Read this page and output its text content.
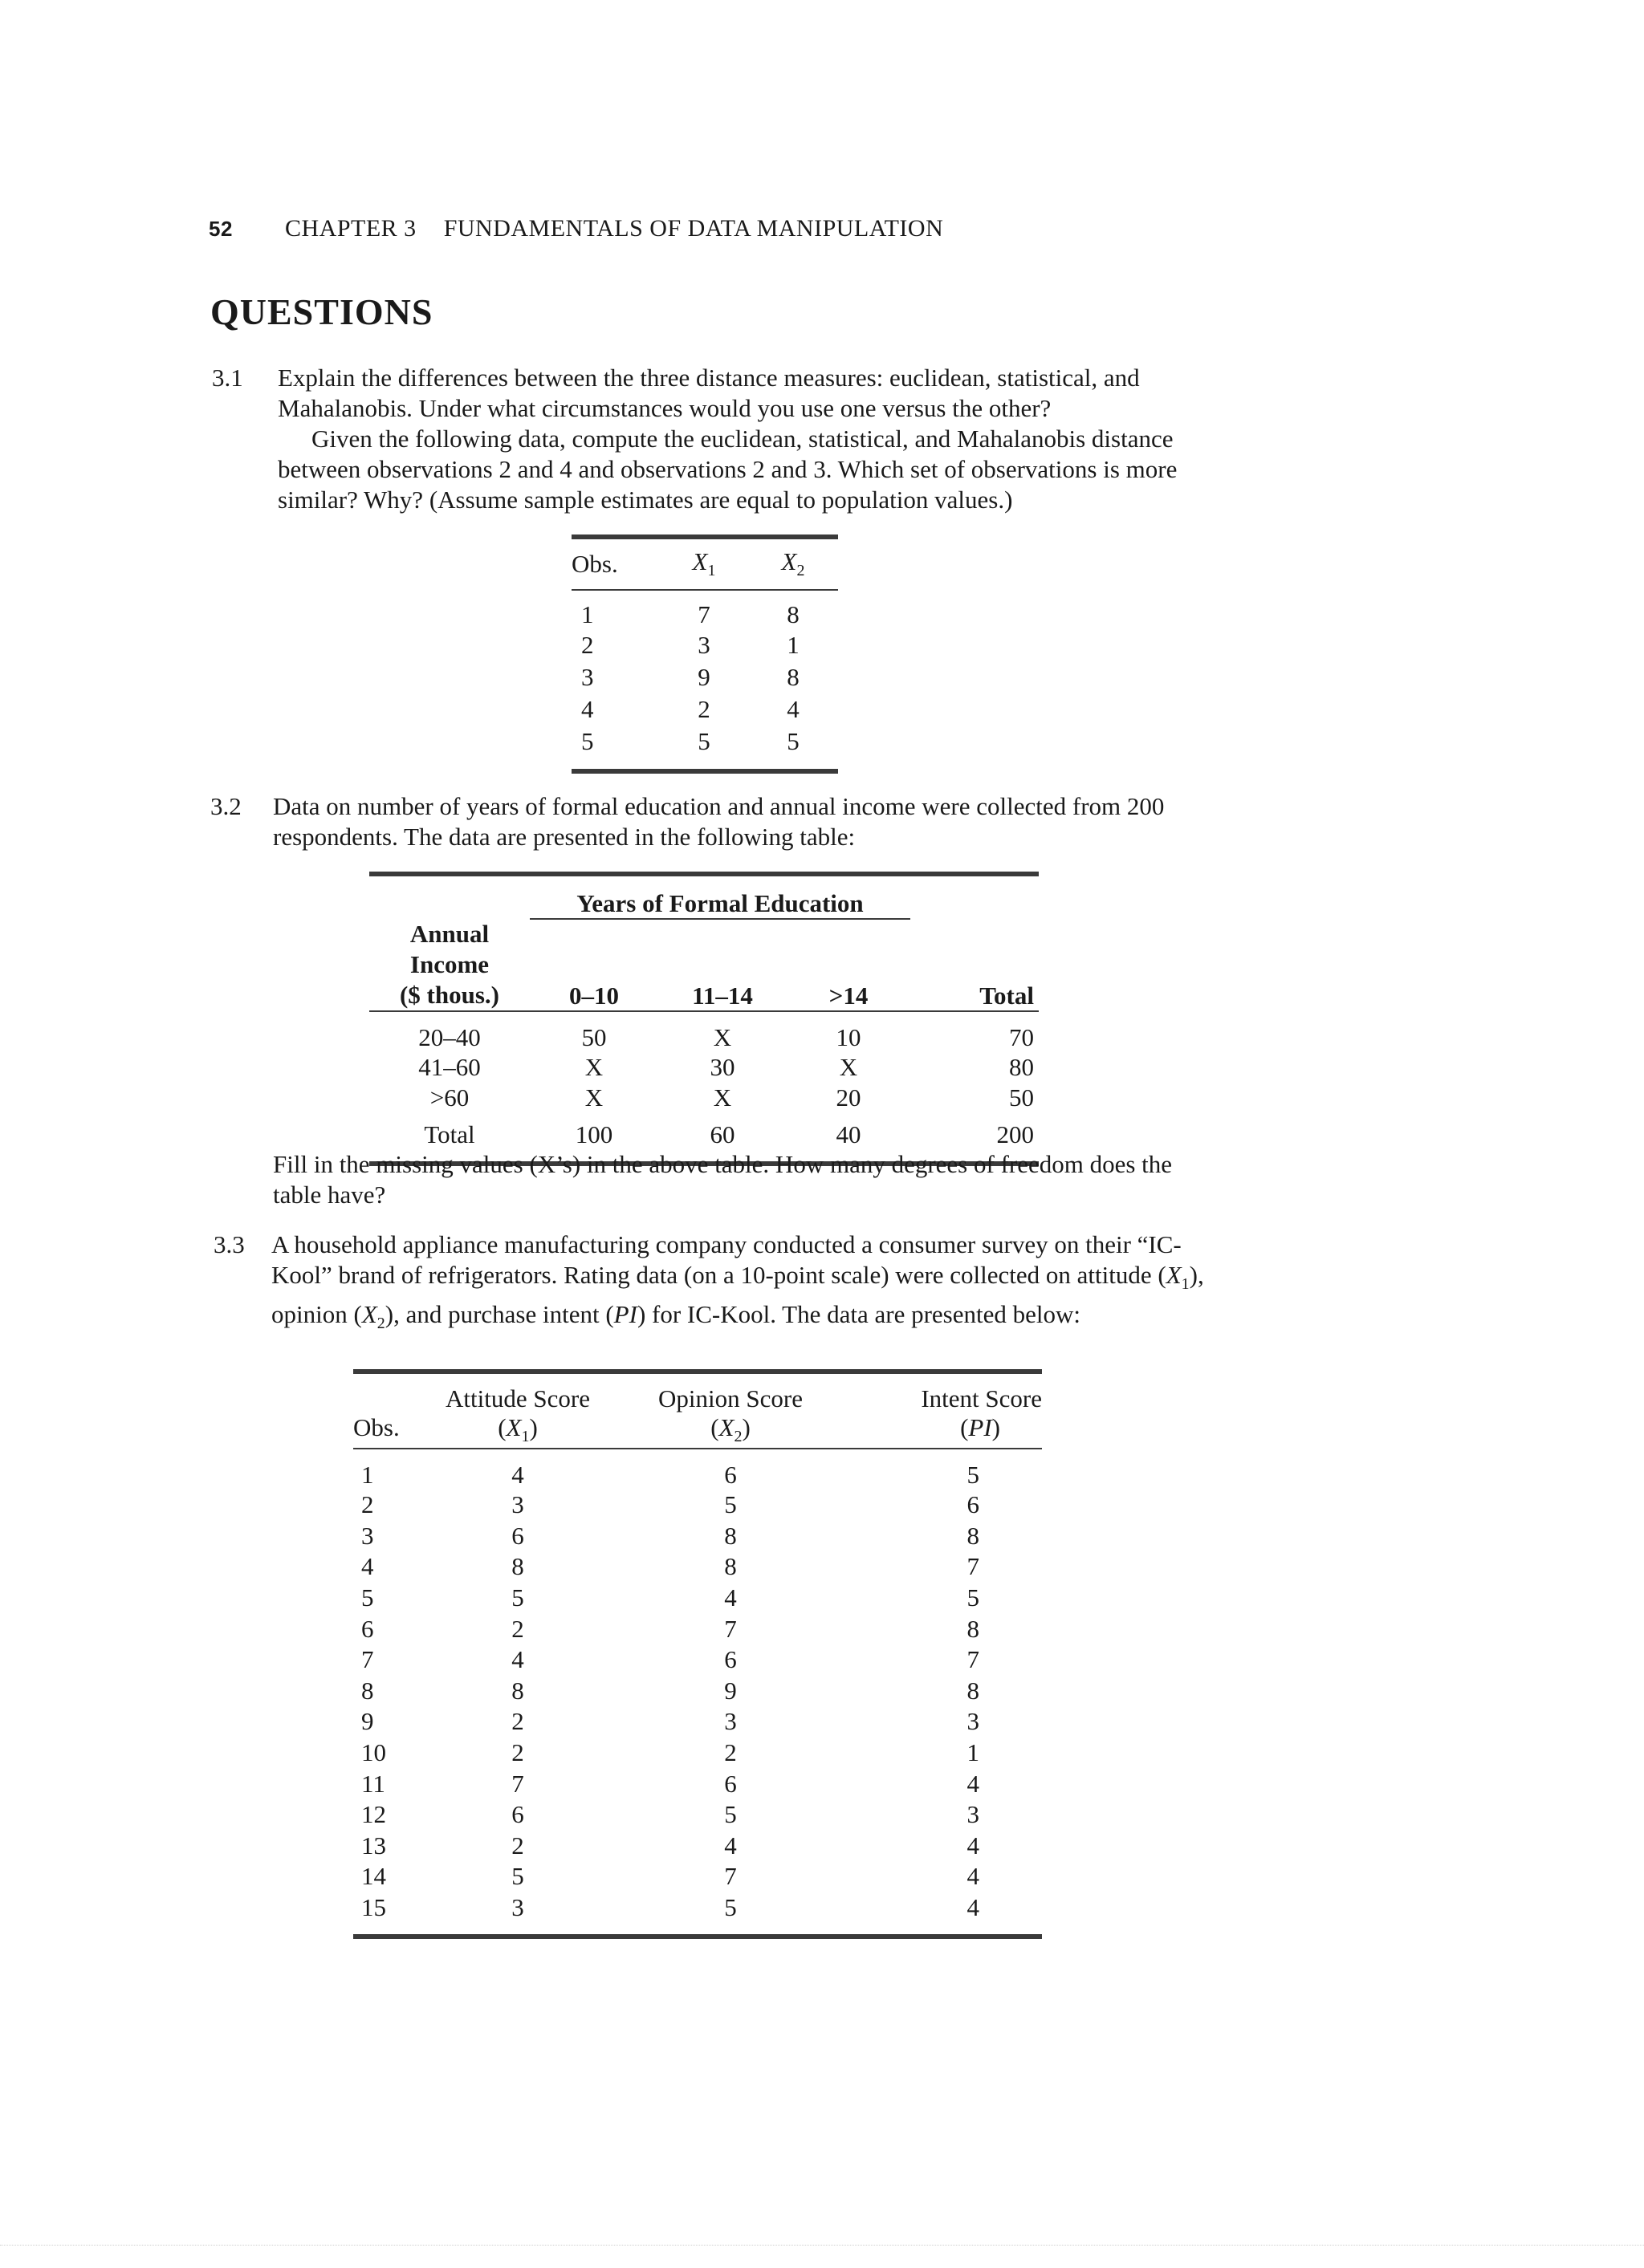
52 CHAPTER 3 FUNDAMENTALS OF DATA MANIPULATION
QUESTIONS
3.1 Explain the differences between the three distance measures: euclidean, statistical, and Mahalanobis. Under what circumstances would you use one versus the other?

Given the following data, compute the euclidean, statistical, and Mahalanobis distance between observations 2 and 4 and observations 2 and 3. Which set of observations is more similar? Why? (Assume sample estimates are equal to population values.)

Obs.	$X_1$	$X_2$
1	7	8
2	3	1
3	9	8
4	2	4
5	5	5
3.2 Data on number of years of formal education and annual income were collected from 200 respondents. The data are presented in the following table:

	Years of Formal Education			
Annual Income
($ thous.)	0–10	11–14	>14	Total
20–40	50	X	10	70
41–60	X	30	X	80
>60	X	X	20	50
Total	100	60	40	200

Fill in the missing values (X’s) in the above table. How many degrees of freedom does the table have?

3.3 A household appliance manufacturing company conducted a consumer survey on their “IC-Kool” brand of refrigerators. Rating data (on a 10-point scale) were collected on attitude $(X_1)$, opinion $(X_2)$, and purchase intent (PI) for IC-Kool. The data are presented below:

	Attitude Score	Opinion Score	Intent Score
Obs.	$(X_1)$	$(X_2)$	(PI)
1	4	6	5
2	3	5	6
3	6	8	8
4	8	8	7
5	5	4	5
6	2	7	8
7	4	6	7
8	8	9	8
9	2	3	3
10	2	2	1
11	7	6	4
12	6	5	3
13	2	4	4
14	5	7	4
15	3	5	4
